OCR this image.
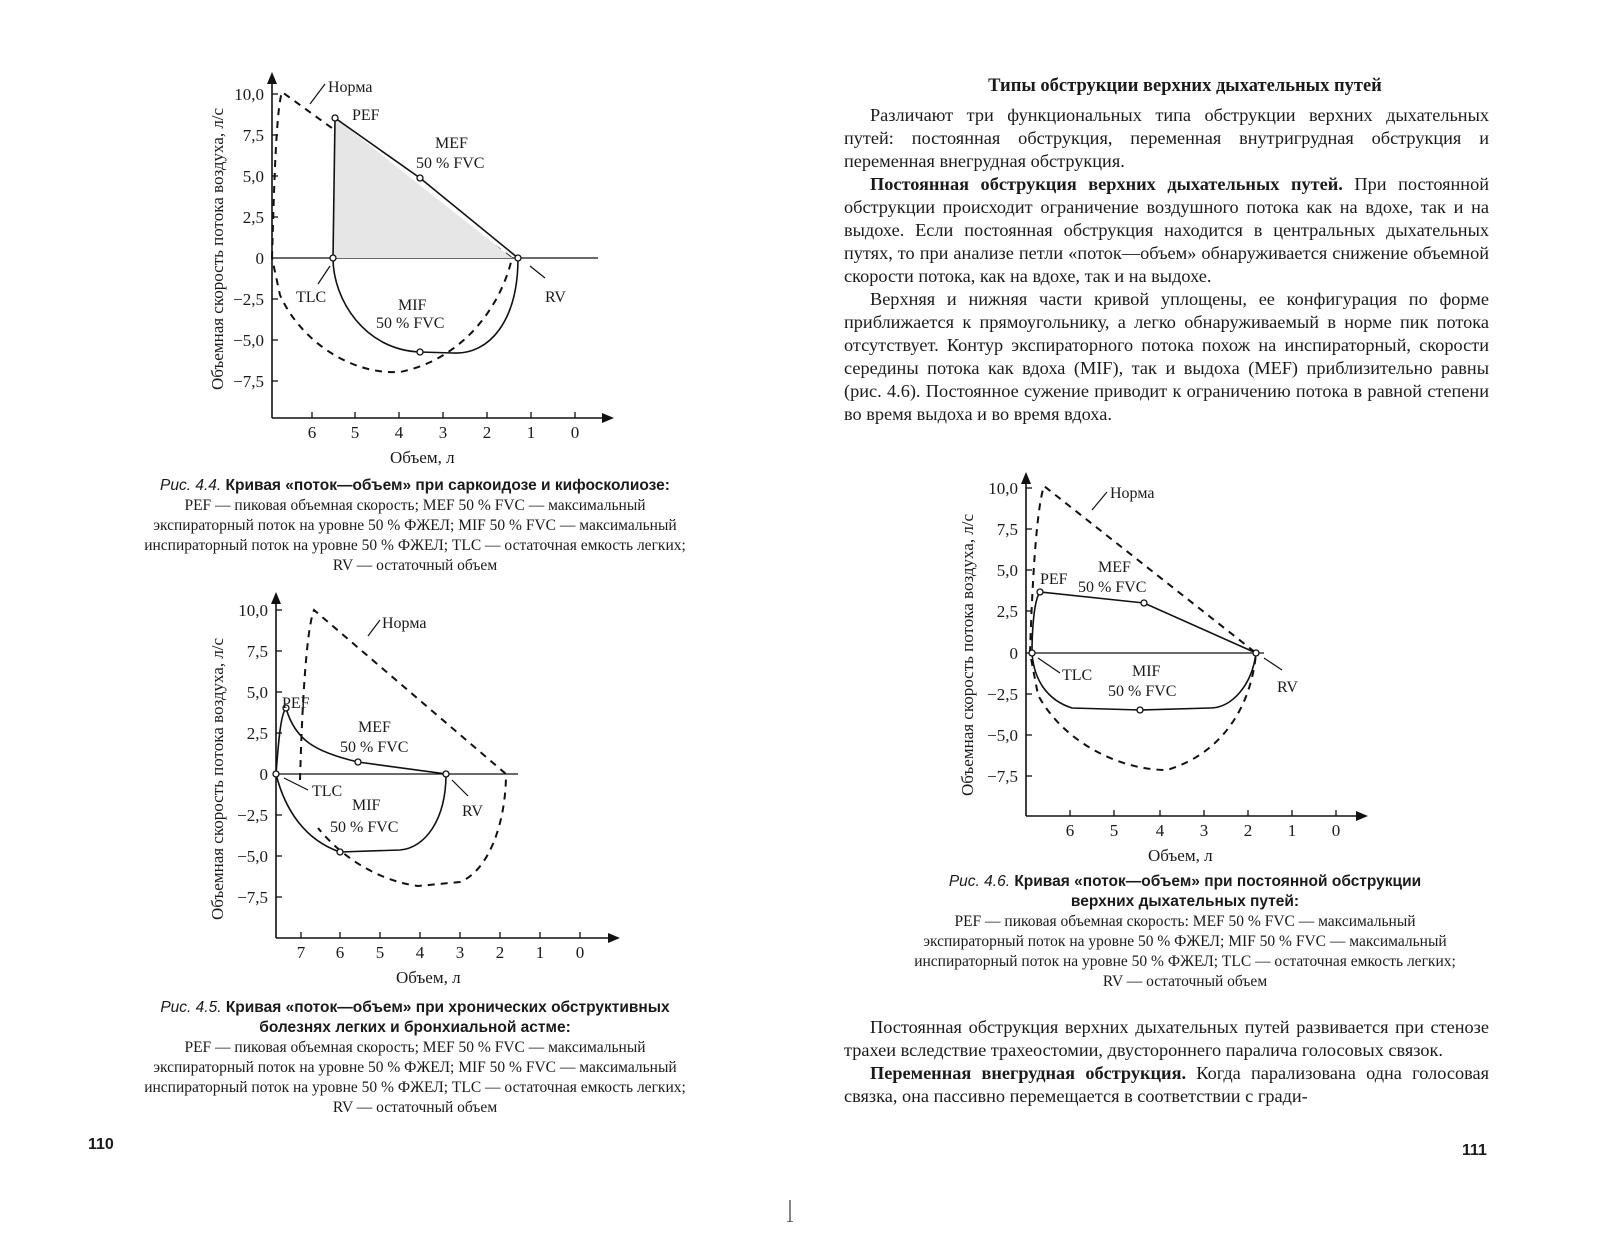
Объемная скорость потока воздуха, л/с
10,0
7,5
5,0
2,5
0
−2,5
−5,0
−7,5
6 5 4 3 2 1 0
Норма
PEF
MEF
50 % FVC
TLC	RV
MIF
50 % FVC
Объем, л
Рис. 4.4. Кривая «поток—объем» при саркоидозе и кифосколиозе:
PEF — пиковая объемная скорость; MEF 50 % FVC — максимальный
экспираторный поток на уровне 50 % ФЖЕЛ; MIF 50 % FVC — максимальный
инспираторный поток на уровне 50 % ФЖЕЛ; TLC — остаточная емкость легких;
RV — остаточный объем
Объемная скорость потока воздуха, л/с
10,0
7,5
5,0
2,5
0
−2,5
−5,0
−7,5
7 6 5 4 3 2 1 0
Норма
PEF
MEF
50 % FVC
TLC
RV
MIF
50 % FVC
Объем, л
Рис. 4.5. Кривая «поток—объем» при хронических обструктивных
болезнях легких и бронхиальной астме:
PEF — пиковая объемная скорость; MEF 50 % FVC — максимальный
экспираторный поток на уровне 50 % ФЖЕЛ; MIF 50 % FVC — максимальный
инспираторный поток на уровне 50 % ФЖЕЛ; TLC — остаточная емкость легких;
RV — остаточный объем
110
Типы обструкции верхних дыхательных путей

Различают три функциональных типа обструкции верхних дыхательных путей: постоянная обструкция, переменная внутригрудная обструкция и переменная внегрудная обструкция.

Постоянная обструкция верхних дыхательных путей. При постоянной обструкции происходит ограничение воздушного потока как на вдохе, так и на выдохе. Если постоянная обструкция находится в центральных дыхательных путях, то при анализе петли «поток—объем» обнаруживается снижение объемной скорости потока, как на вдохе, так и на выдохе.

Верхняя и нижняя части кривой уплощены, ее конфигурация по форме приближается к прямоугольнику, а легко обнаруживаемый в норме пик потока отсутствует. Контур экспираторного потока похож на инспираторный, скорости середины потока как вдоха (MIF), так и выдоха (MEF) приблизительно равны (рис. 4.6). Постоянное сужение приводит к ограничению потока в равной степени во время выдоха и во время вдоха.

Объемная скорость потока воздуха, л/с
10,0
7,5
5,0
2,5
0
−2,5
−5,0
−7,5
6 5 4 3 2 1 0
Норма
PEF
MEF
50 % FVC
TLC
RV
MIF
50 % FVC
Объем, л
Рис. 4.6. Кривая «поток—объем» при постоянной обструкции
верхних дыхательных путей:
PEF — пиковая объемная скорость: MEF 50 % FVC — максимальный
экспираторный поток на уровне 50 % ФЖЕЛ; MIF 50 % FVC — максимальный
инспираторный поток на уровне 50 % ФЖЕЛ; TLC — остаточная емкость легких;
RV — остаточный объем

Постоянная обструкция верхних дыхательных путей развивается при стенозе трахеи вследствие трахеостомии, двустороннего паралича голосовых связок.

Переменная внегрудная обструкция. Когда парализована одна голосовая связка, она пассивно перемещается в соответствии с гради-

111
